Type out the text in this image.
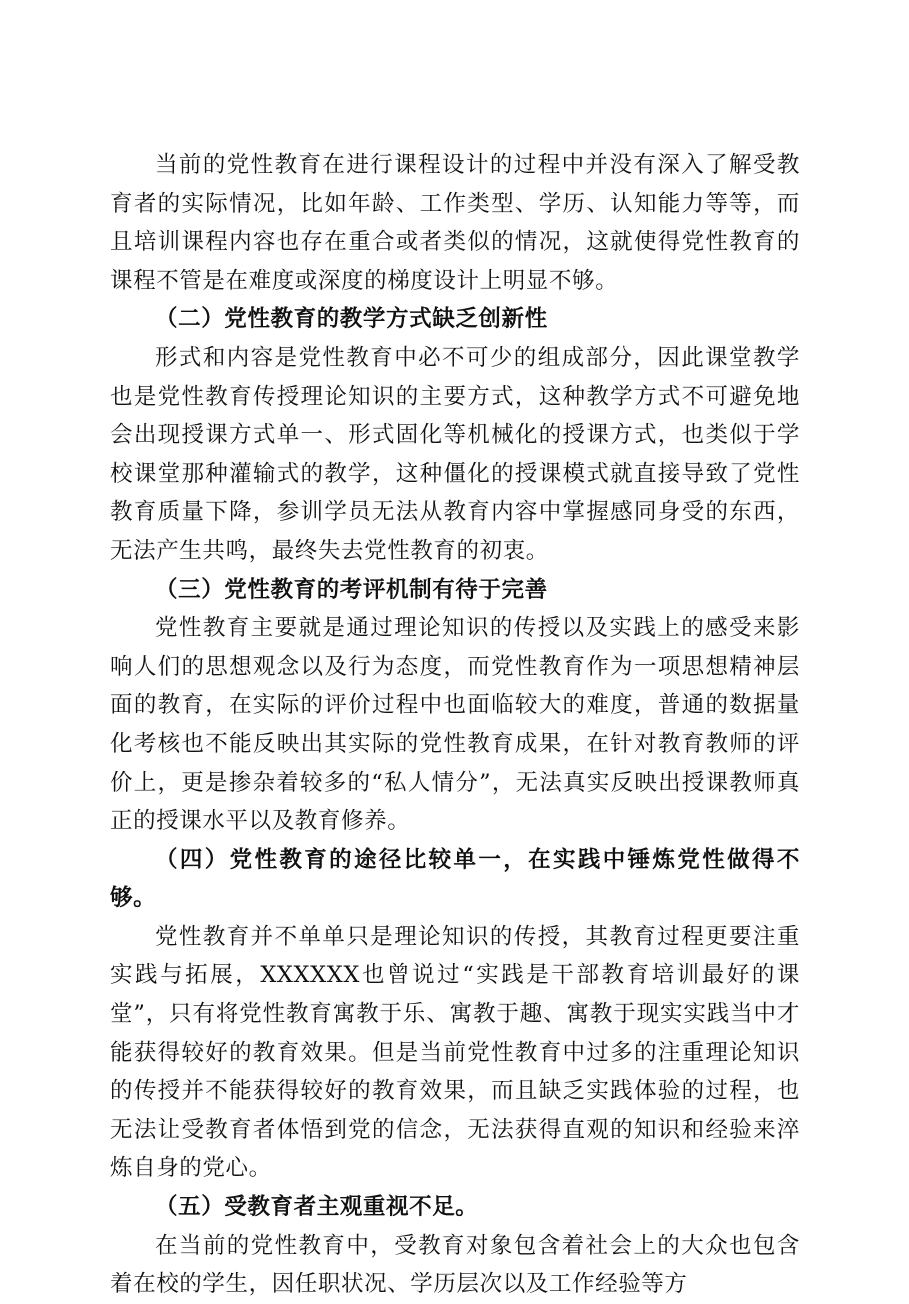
当前的党性教育在进行课程设计的过程中并没有深入了解受教育者的实际情况，比如年龄、工作类型、学历、认知能力等等，而且培训课程内容也存在重合或者类似的情况，这就使得党性教育的课程不管是在难度或深度的梯度设计上明显不够。

（二）党性教育的教学方式缺乏创新性

形式和内容是党性教育中必不可少的组成部分，因此课堂教学也是党性教育传授理论知识的主要方式，这种教学方式不可避免地会出现授课方式单一、形式固化等机械化的授课方式，也类似于学校课堂那种灌输式的教学，这种僵化的授课模式就直接导致了党性教育质量下降，参训学员无法从教育内容中掌握感同身受的东西，无法产生共鸣，最终失去党性教育的初衷。

（三）党性教育的考评机制有待于完善

党性教育主要就是通过理论知识的传授以及实践上的感受来影响人们的思想观念以及行为态度，而党性教育作为一项思想精神层面的教育，在实际的评价过程中也面临较大的难度，普通的数据量化考核也不能反映出其实际的党性教育成果，在针对教育教师的评价上，更是掺杂着较多的“私人情分”，无法真实反映出授课教师真正的授课水平以及教育修养。

（四）党性教育的途径比较单一，在实践中锤炼党性做得不够。

党性教育并不单单只是理论知识的传授，其教育过程更要注重实践与拓展，XXXXXX也曾说过“实践是干部教育培训最好的课堂”，只有将党性教育寓教于乐、寓教于趣、寓教于现实实践当中才能获得较好的教育效果。但是当前党性教育中过多的注重理论知识的传授并不能获得较好的教育效果，而且缺乏实践体验的过程，也无法让受教育者体悟到党的信念，无法获得直观的知识和经验来淬炼自身的党心。

（五）受教育者主观重视不足。

在当前的党性教育中，受教育对象包含着社会上的大众也包含着在校的学生，因任职状况、学历层次以及工作经验等方
